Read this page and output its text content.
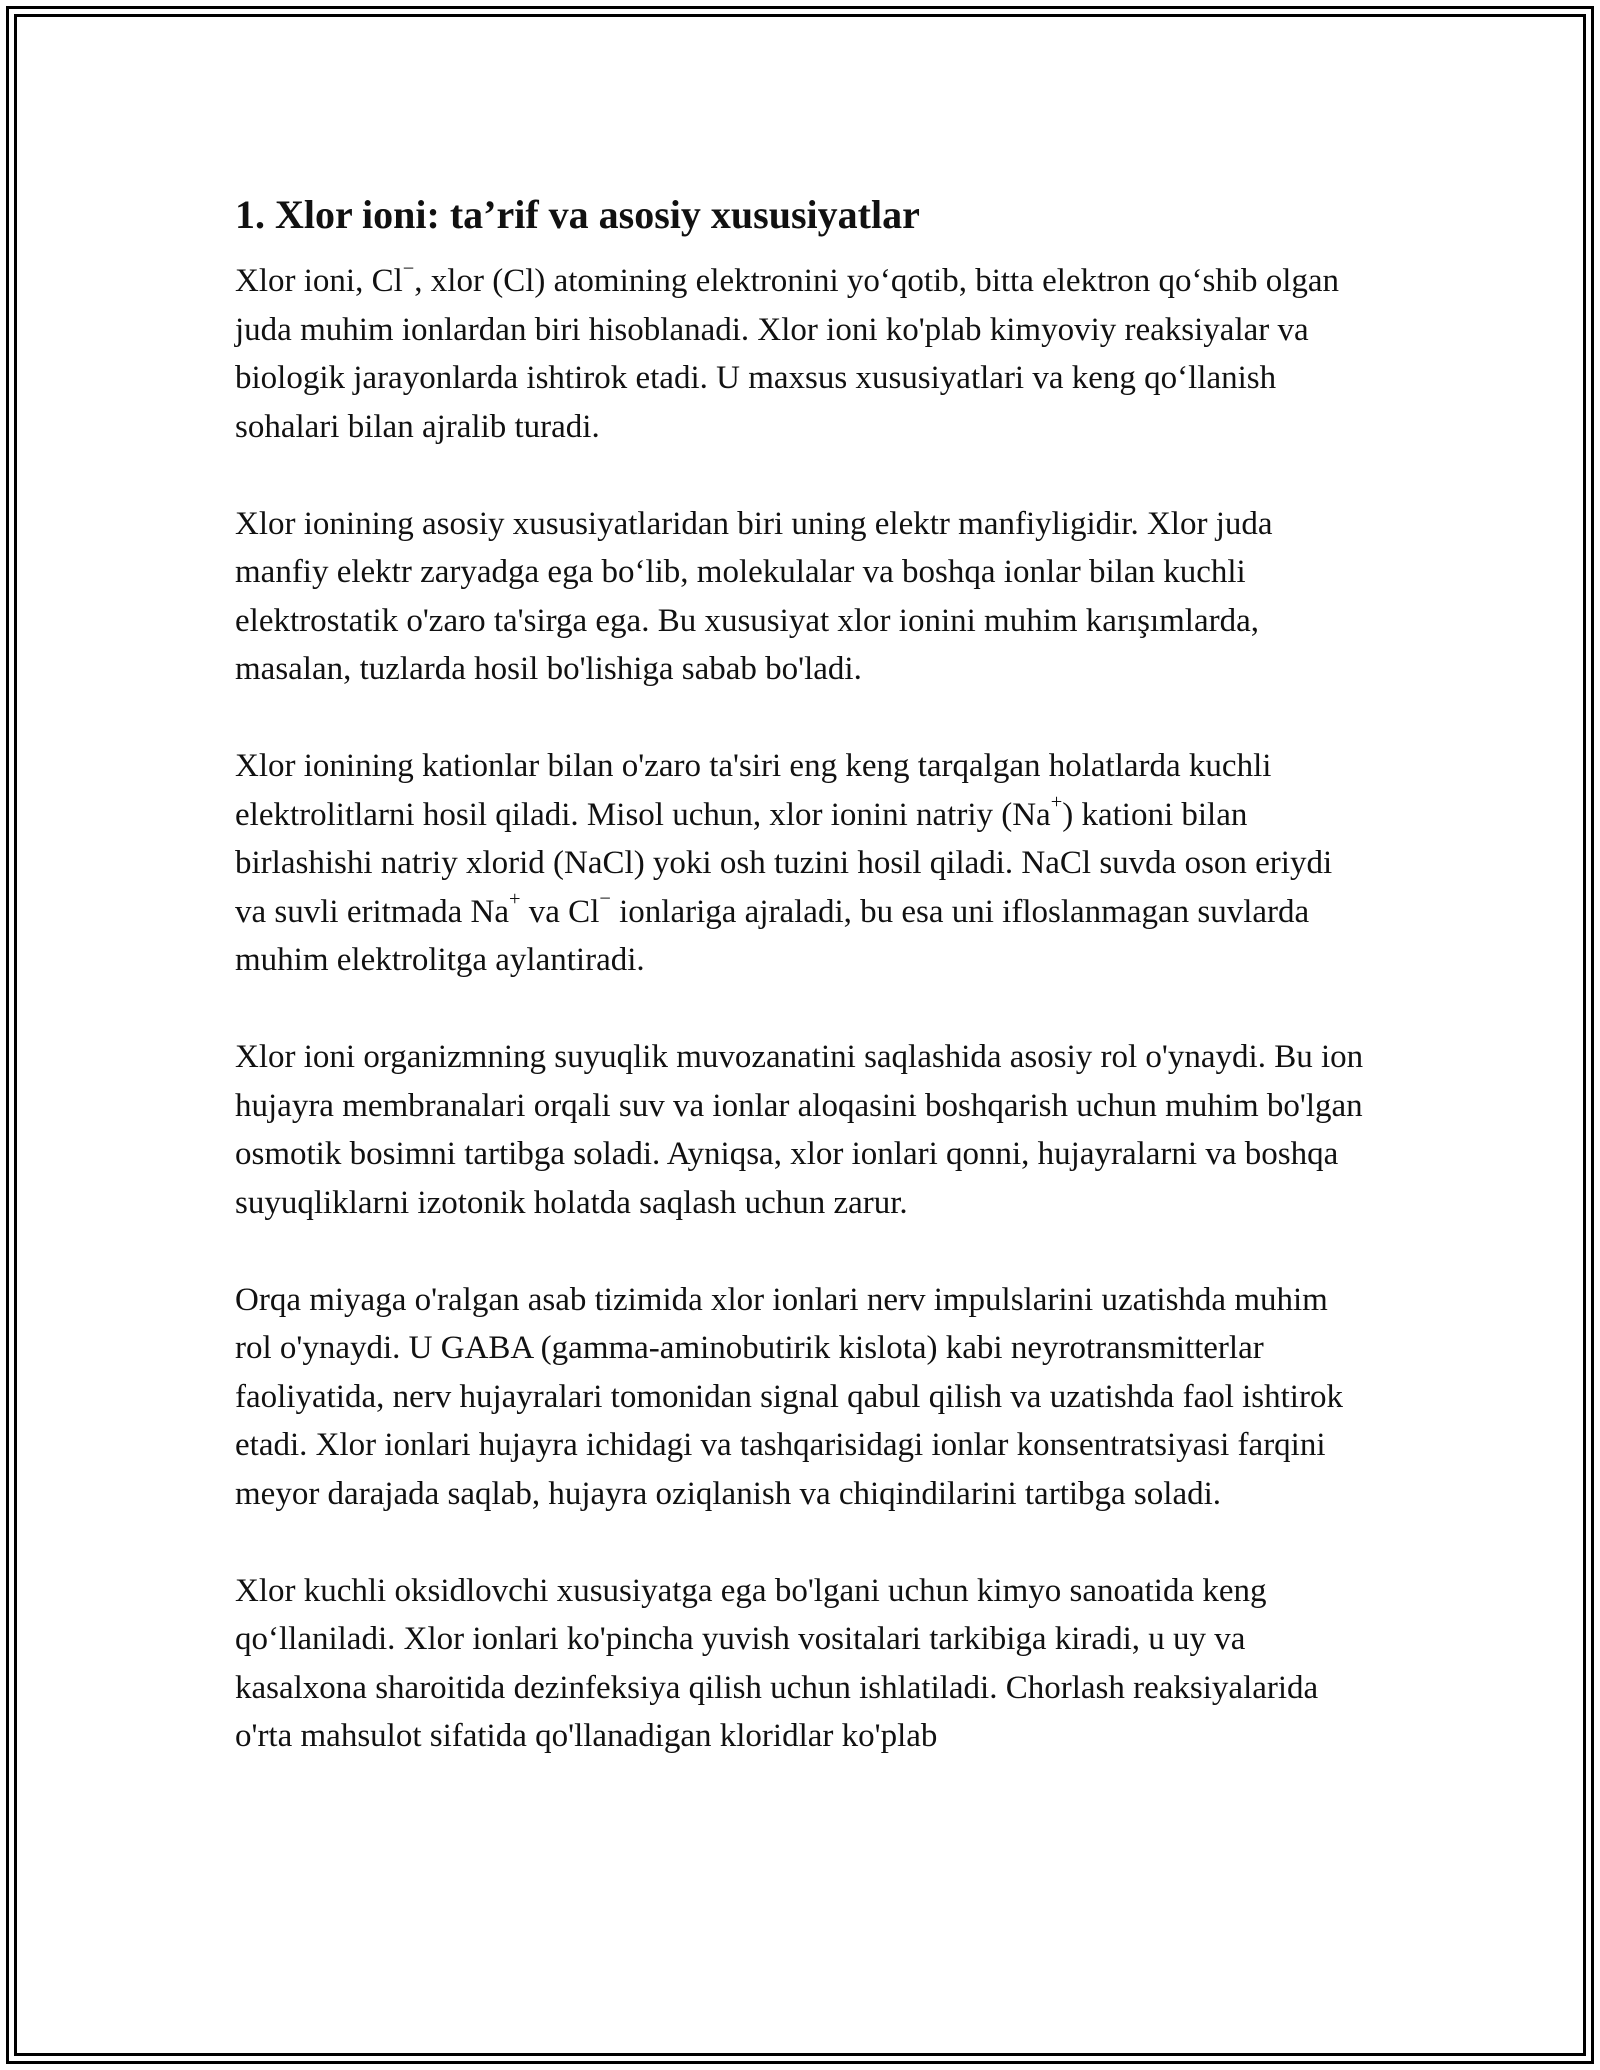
1. Xlor ioni: ta’rif va asosiy xususiyatlar

Xlor ioni, Cl−, xlor (Cl) atomining elektronini yo‘qotib, bitta elektron qo‘shib olgan juda muhim ionlardan biri hisoblanadi. Xlor ioni ko'plab kimyoviy reaksiyalar va biologik jarayonlarda ishtirok etadi. U maxsus xususiyatlari va keng qo‘llanish sohalari bilan ajralib turadi.

Xlor ionining asosiy xususiyatlaridan biri uning elektr manfiyligidir. Xlor juda manfiy elektr zaryadga ega bo‘lib, molekulalar va boshqa ionlar bilan kuchli elektrostatik o'zaro ta'sirga ega. Bu xususiyat xlor ionini muhim karışımlarda, masalan, tuzlarda hosil bo'lishiga sabab bo'ladi.

Xlor ionining kationlar bilan o'zaro ta'siri eng keng tarqalgan holatlarda kuchli elektrolitlarni hosil qiladi. Misol uchun, xlor ionini natriy (Na+) kationi bilan birlashishi natriy xlorid (NaCl) yoki osh tuzini hosil qiladi. NaCl suvda oson eriydi va suvli eritmada Na+ va Cl− ionlariga ajraladi, bu esa uni ifloslanmagan suvlarda muhim elektrolitga aylantiradi.

Xlor ioni organizmning suyuqlik muvozanatini saqlashida asosiy rol o'ynaydi. Bu ion hujayra membranalari orqali suv va ionlar aloqasini boshqarish uchun muhim bo'lgan osmotik bosimni tartibga soladi. Ayniqsa, xlor ionlari qonni, hujayralarni va boshqa suyuqliklarni izotonik holatda saqlash uchun zarur.

Orqa miyaga o'ralgan asab tizimida xlor ionlari nerv impulslarini uzatishda muhim rol o'ynaydi. U GABA (gamma-aminobutirik kislota) kabi neyrotransmitterlar faoliyatida, nerv hujayralari tomonidan signal qabul qilish va uzatishda faol ishtirok etadi. Xlor ionlari hujayra ichidagi va tashqarisidagi ionlar konsentratsiyasi farqini meyor darajada saqlab, hujayra oziqlanish va chiqindilarini tartibga soladi.

Xlor kuchli oksidlovchi xususiyatga ega bo'lgani uchun kimyo sanoatida keng qo‘llaniladi. Xlor ionlari ko'pincha yuvish vositalari tarkibiga kiradi, u uy va kasalxona sharoitida dezinfeksiya qilish uchun ishlatiladi. Chorlash reaksiyalarida o'rta mahsulot sifatida qo'llanadigan kloridlar ko'plab
